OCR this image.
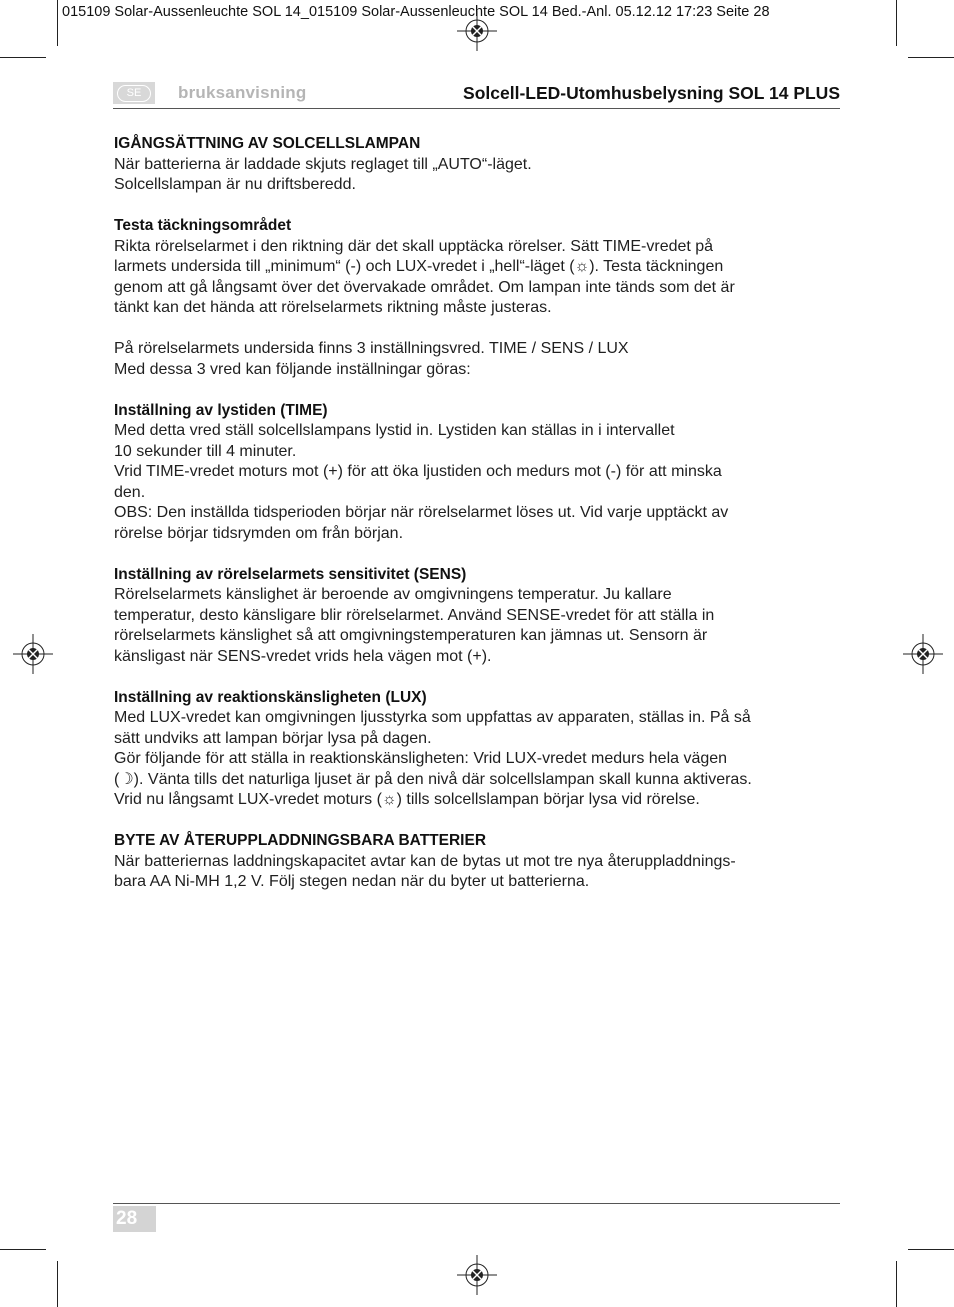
015109 Solar-Aussenleuchte SOL 14_015109 Solar-Aussenleuchte SOL 14 Bed.-Anl. 05.12.12 17:23 Seite 28
SE	bruksanvisning	Solcell-LED-Utomhusbelysning SOL 14 PLUS
IGÅNGSÄTTNING AV SOLCELLSLAMPAN

När batterierna är laddade skjuts reglaget till „AUTO“-läget.

Solcellslampan är nu driftsberedd.

Testa täckningsområdet

Rikta rörelselarmet i den riktning där det skall upptäcka rörelser. Sätt TIME-vredet på

larmets undersida till „minimum“ (-) och LUX-vredet i „hell“-läget (☼). Testa täckningen

genom att gå långsamt över det övervakade området. Om lampan inte tänds som det är

tänkt kan det hända att rörelselarmets riktning måste justeras.

På rörelselarmets undersida finns 3 inställningsvred. TIME / SENS / LUX

Med dessa 3 vred kan följande inställningar göras:

Inställning av lystiden (TIME)

Med detta vred ställ solcellslampans lystid in. Lystiden kan ställas in i intervallet

10 sekunder till 4 minuter.

Vrid TIME-vredet moturs mot (+) för att öka ljustiden och medurs mot (-) för att minska

den.

OBS: Den inställda tidsperioden börjar när rörelselarmet löses ut. Vid varje upptäckt av

rörelse börjar tidsrymden om från början.

Inställning av rörelselarmets sensitivitet (SENS)

Rörelselarmets känslighet är beroende av omgivningens temperatur. Ju kallare

temperatur, desto känsligare blir rörelselarmet. Använd SENSE-vredet för att ställa in

rörelselarmets känslighet så att omgivningstemperaturen kan jämnas ut. Sensorn är

känsligast när SENS-vredet vrids hela vägen mot (+).

Inställning av reaktionskänsligheten (LUX)

Med LUX-vredet kan omgivningen ljusstyrka som uppfattas av apparaten, ställas in. På så

sätt undviks att lampan börjar lysa på dagen.

Gör följande för att ställa in reaktionskänsligheten: Vrid LUX-vredet medurs hela vägen

(☽). Vänta tills det naturliga ljuset är på den nivå där solcellslampan skall kunna aktiveras.

Vrid nu långsamt LUX-vredet moturs (☼) tills solcellslampan börjar lysa vid rörelse.

BYTE AV ÅTERUPPLADDNINGSBARA BATTERIER

När batteriernas laddningskapacitet avtar kan de bytas ut mot tre nya återuppladdnings-

bara AA Ni-MH 1,2 V. Följ stegen nedan när du byter ut batterierna.

28
